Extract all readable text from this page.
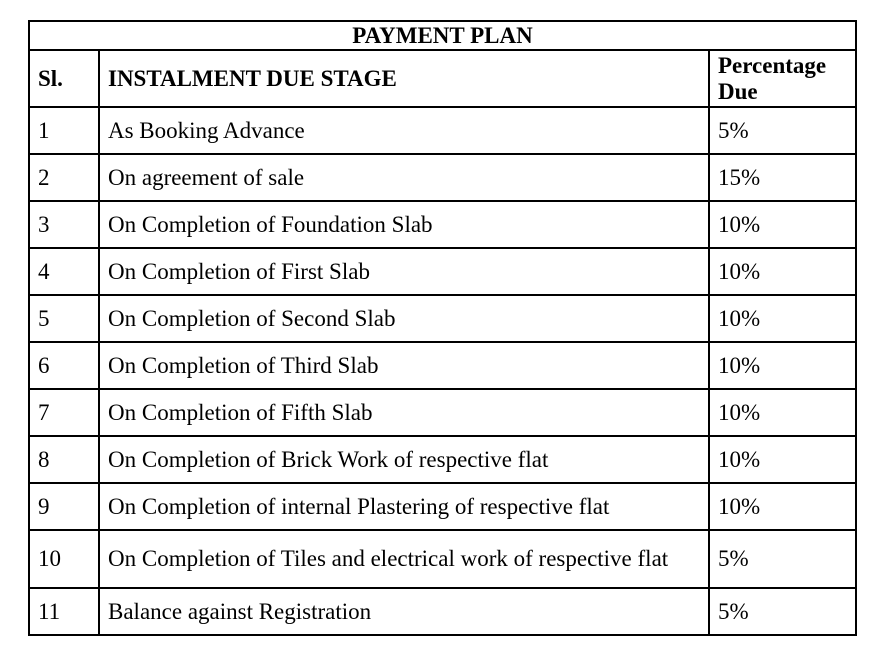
PAYMENT PLAN		
Sl.	INSTALMENT DUE STAGE	Percentage
Due
1	As Booking Advance	5%
2	On agreement of sale	15%
3	On Completion of Foundation Slab	10%
4	On Completion of First Slab	10%
5	On Completion of Second Slab	10%
6	On Completion of Third Slab	10%
7	On Completion of Fifth Slab	10%
8	On Completion of Brick Work of respective flat	10%
9	On Completion of internal Plastering of respective flat	10%
10	On Completion of Tiles and electrical work of respective flat	5%
11	Balance against Registration	5%
